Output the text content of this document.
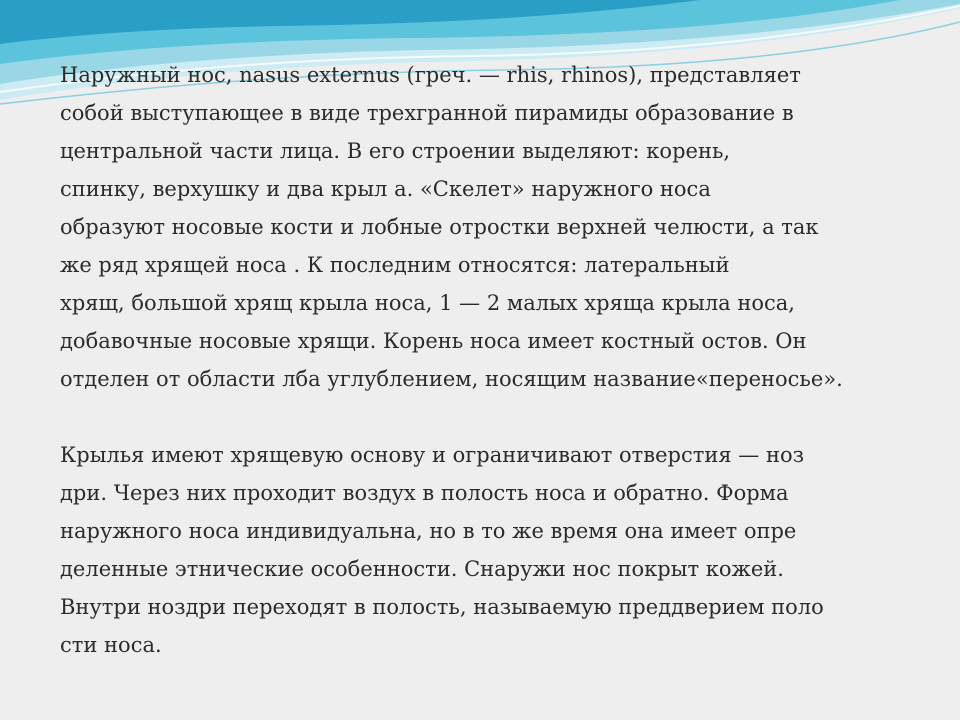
Наружный нос, nasus externus (греч. — rhis, rhinos), представляет
собой выступающее в виде трехгранной пирамиды образование в
центральной части лица. В его строении выделяют: корень,
спинку, верхушку и два крыл а. «Скелет» наружного носа
образуют носовые кости и лобные отростки верхней челюсти, а так
же ряд хрящей носа . К последним относятся: латеральный
хрящ, большой хрящ крыла носа, 1 — 2 малых хряща крыла носа,
добавочные носовые хрящи. Корень носа имеет костный остов. Он
отделен от области лба углублением, носящим название«переносье».

Крылья имеют хрящевую основу и ограничивают отверстия — ноз
дри. Через них проходит воздух в полость носа и обратно. Форма
наружного носа индивидуальна, но в то же время она имеет опре
деленные этнические особенности. Снаружи нос покрыт кожей.
Внутри ноздри переходят в полость, называемую преддверием поло
сти носа.
